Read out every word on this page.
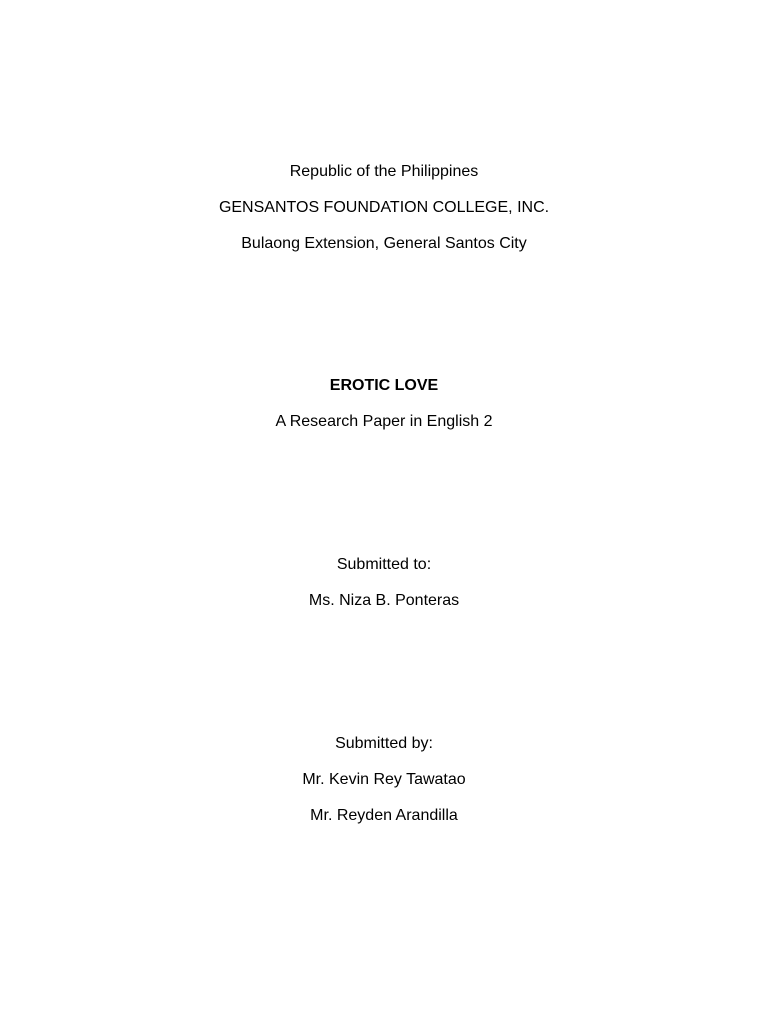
Republic of the Philippines
GENSANTOS FOUNDATION COLLEGE, INC.
Bulaong Extension, General Santos City
EROTIC LOVE
A Research Paper in English 2
Submitted to:
Ms. Niza B. Ponteras
Submitted by:
Mr. Kevin Rey Tawatao
Mr. Reyden Arandilla
